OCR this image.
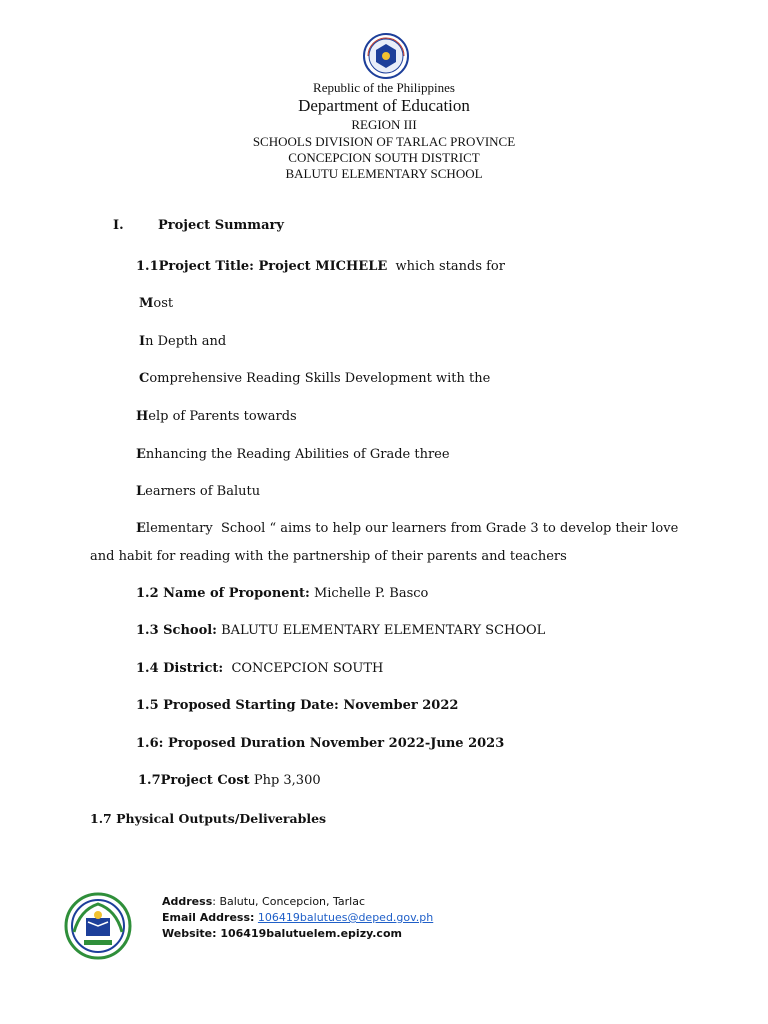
Republic of the Philippines
Department of Education
REGION III
SCHOOLS DIVISION OF TARLAC PROVINCE
CONCEPCION SOUTH DISTRICT
BALUTU ELEMENTARY SCHOOL
I.	Project Summary
1.1Project Title: Project MICHELE  which stands for
Most
In Depth and
Comprehensive Reading Skills Development with the
Help of Parents towards
Enhancing the Reading Abilities of Grade three
Learners of Balutu
Elementary  School “ aims to help our learners from Grade 3 to develop their love
and habit for reading with the partnership of their parents and teachers
1.2 Name of Proponent: Michelle P. Basco
1.3 School: BALUTU ELEMENTARY ELEMENTARY SCHOOL
1.4 District:  CONCEPCION SOUTH
1.5 Proposed Starting Date: November 2022
1.6: Proposed Duration November 2022-June 2023
1.7Project Cost Php 3,300
1.7 Physical Outputs/Deliverables
Address: Balutu, Concepcion, Tarlac
Email Address: 106419balutues@deped.gov.ph
Website: 106419balutuelem.epizy.com
